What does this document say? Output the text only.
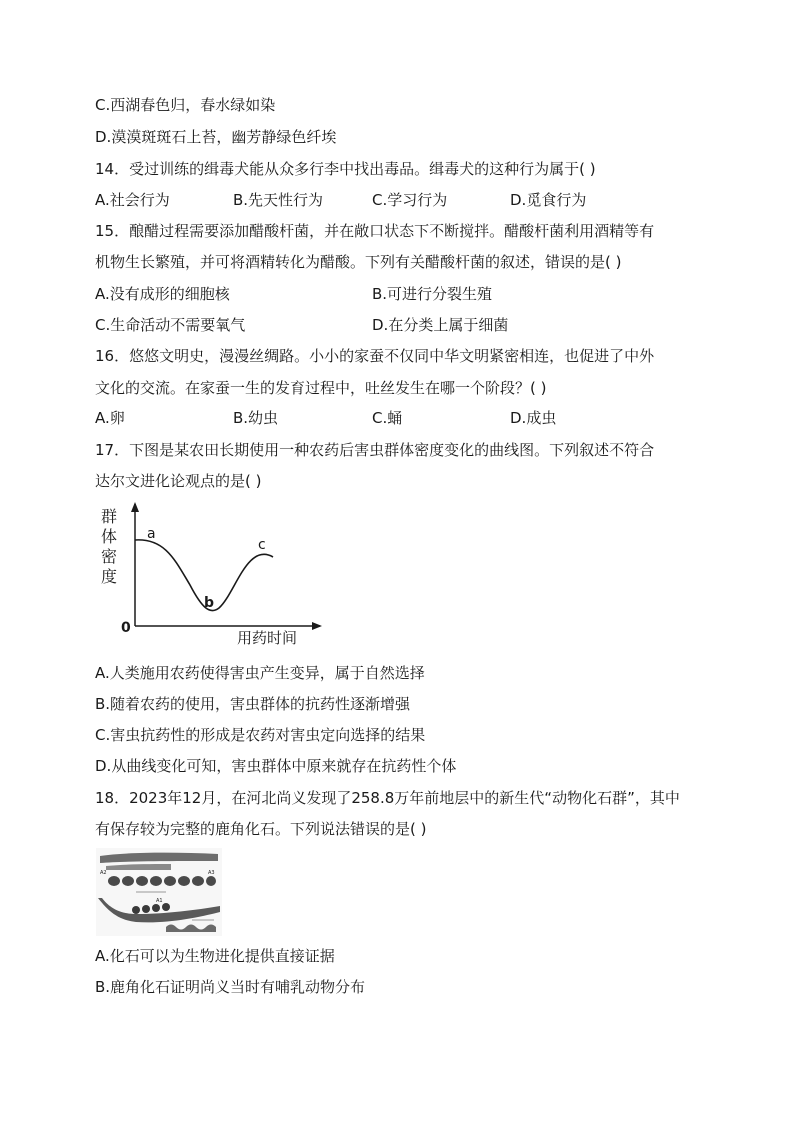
C.西湖春色归，春水绿如染
D.漠漠斑斑石上苔，幽芳静绿色纤埃
14．受过训练的缉毒犬能从众多行李中找出毒品。缉毒犬的这种行为属于( )
A.社会行为	B.先天性行为	C.学习行为	D.觅食行为
15．酿醋过程需要添加醋酸杆菌，并在敞口状态下不断搅拌。醋酸杆菌利用酒精等有
机物生长繁殖，并可将酒精转化为醋酸。下列有关醋酸杆菌的叙述，错误的是( )
A.没有成形的细胞核	B.可进行分裂生殖
C.生命活动不需要氧气	D.在分类上属于细菌
16．悠悠文明史，漫漫丝绸路。小小的家蚕不仅同中华文明紧密相连，也促进了中外
文化的交流。在家蚕一生的发育过程中，吐丝发生在哪一个阶段？( )
A.卵	B.幼虫	C.蛹	D.成虫
17．下图是某农田长期使用一种农药后害虫群体密度变化的曲线图。下列叙述不符合
达尔文进化论观点的是( )
群
体
密
度
0
a
b
c
用药时间
A.人类施用农药使得害虫产生变异，属于自然选择
B.随着农药的使用，害虫群体的抗药性逐渐增强
C.害虫抗药性的形成是农药对害虫定向选择的结果
D.从曲线变化可知，害虫群体中原来就存在抗药性个体
18．2023年12月，在河北尚义发现了258.8万年前地层中的新生代“动物化石群”，其中
有保存较为完整的鹿角化石。下列说法错误的是( )
A2	A3
A1
A.化石可以为生物进化提供直接证据
B.鹿角化石证明尚义当时有哺乳动物分布
